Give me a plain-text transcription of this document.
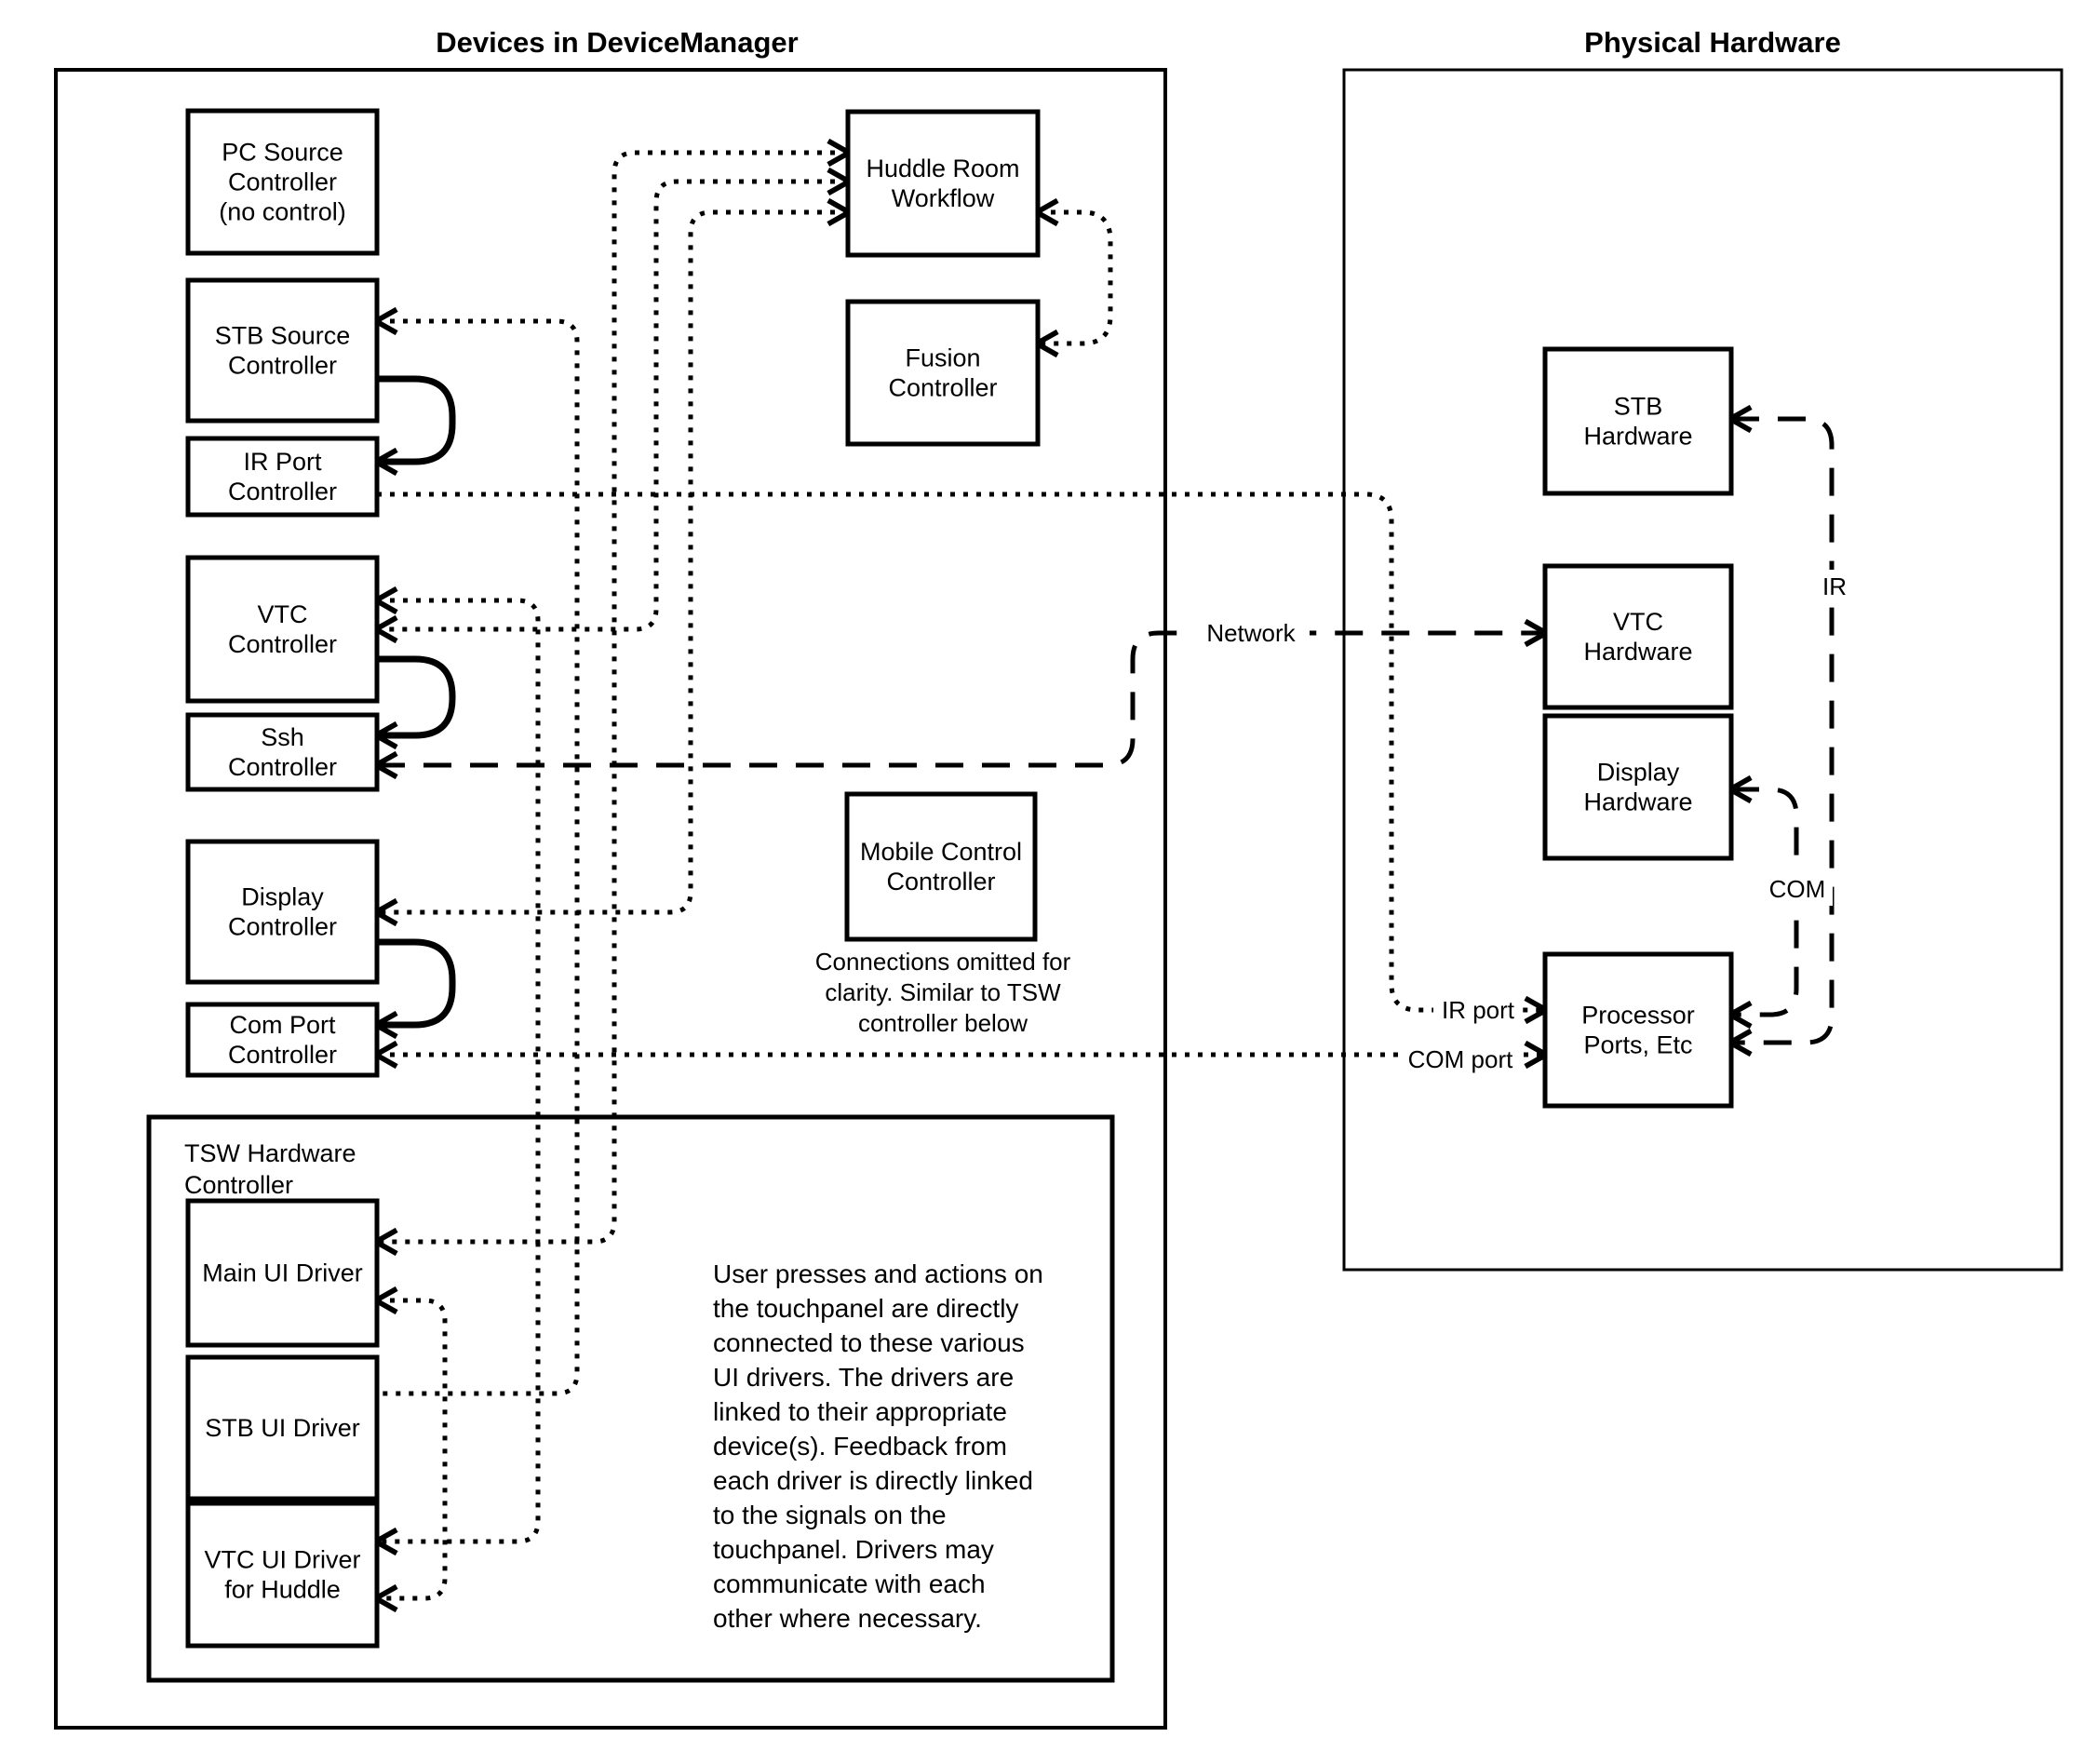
Devices in DeviceManager	Physical Hardware
PC Source Controller (no control)
STB Source Controller
IR Port Controller
VTC Controller
Ssh Controller
Display Controller
Com Port Controller
Main UI Driver
STB UI Driver
VTC UI Driver for Huddle
Huddle Room Workflow
Fusion Controller
Mobile Control Controller
STB Hardware
VTC Hardware
Display Hardware
Processor Ports, Etc
TSW Hardware Controller
Connections omitted for clarity. Similar to TSW controller below
User presses and actions on the touchpanel are directly connected to these various UI drivers. The drivers are linked to their appropriate device(s). Feedback from each driver is directly linked to the signals on the touchpanel. Drivers may communicate with each other where necessary.
Network
IR port
COM port
IR
COM
